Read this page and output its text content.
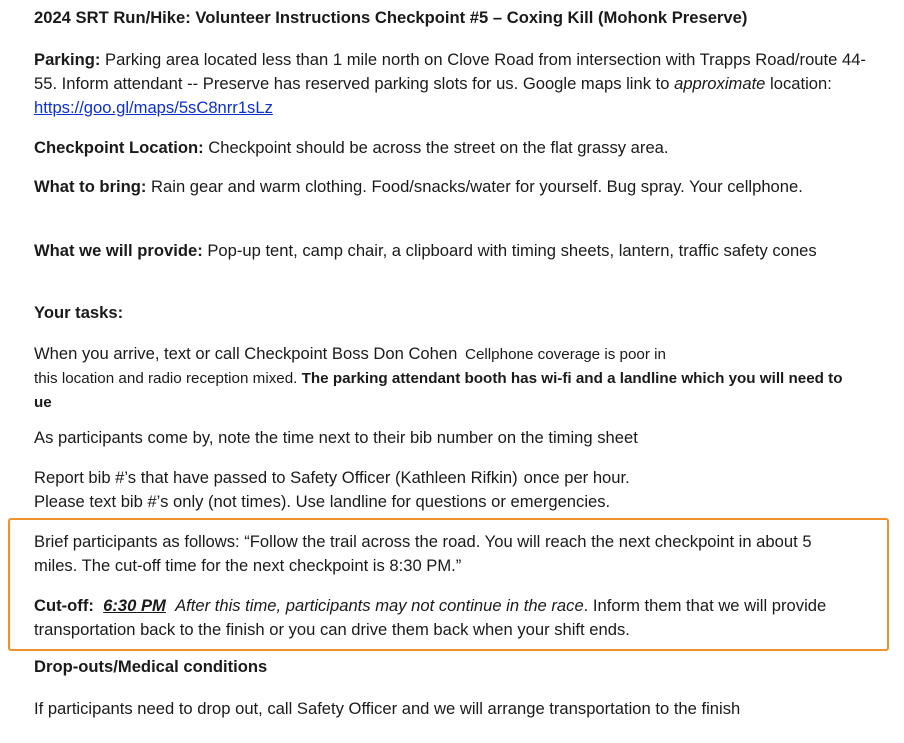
2024 SRT Run/Hike: Volunteer Instructions Checkpoint #5 – Coxing Kill (Mohonk Preserve)
Parking: Parking area located less than 1 mile north on Clove Road from intersection with Trapps Road/route 44-55. Inform attendant -- Preserve has reserved parking slots for us. Google maps link to approximate location: https://goo.gl/maps/5sC8nrr1sLz
Checkpoint Location: Checkpoint should be across the street on the flat grassy area.
What to bring: Rain gear and warm clothing. Food/snacks/water for yourself. Bug spray. Your cellphone.
What we will provide: Pop-up tent, camp chair, a clipboard with timing sheets, lantern, traffic safety cones
Your tasks:
When you arrive, text or call Checkpoint Boss Don Cohen  Cellphone coverage is poor in
this location and radio reception mixed. The parking attendant booth has wi-fi and a landline which you will need to ue
As participants come by, note the time next to their bib number on the timing sheet
Report bib #’s that have passed to Safety Officer (Kathleen Rifkin)  once per hour.
Please text bib #’s only (not times). Use landline for questions or emergencies.
Brief participants as follows: “Follow the trail across the road. You will reach the next checkpoint in about 5 miles. The cut-off time for the next checkpoint is 8:30 PM.”
Cut-off: 6:30 PM After this time, participants may not continue in the race. Inform them that we will provide transportation back to the finish or you can drive them back when your shift ends.
Drop-outs/Medical conditions
If participants need to drop out, call Safety Officer and we will arrange transportation to the finish
